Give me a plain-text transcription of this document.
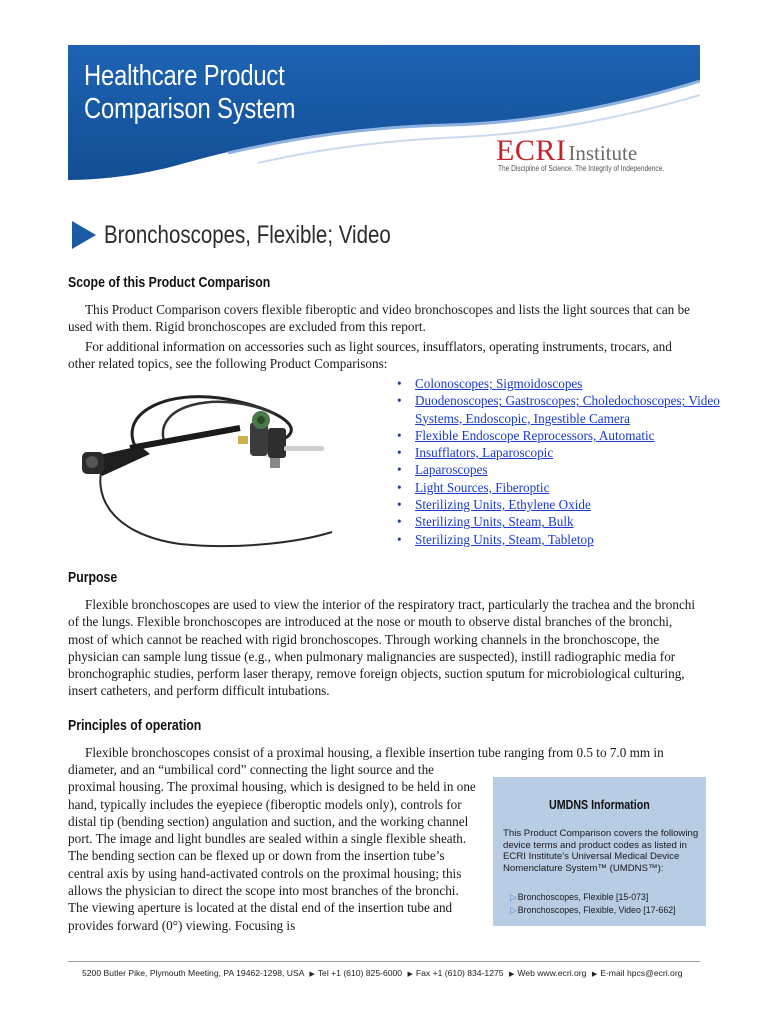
Healthcare Product
Comparison System
ECRIInstitute
The Discipline of Science. The Integrity of Independence.
Bronchoscopes, Flexible; Video
Scope of this Product Comparison

This Product Comparison covers flexible fiberoptic and video bronchoscopes and lists the light sources that can be used with them. Rigid bronchoscopes are excluded from this report.

For additional information on accessories such as light sources, insufflators, operating instruments, trocars, and other related topics, see the following Product Comparisons:

• Colonoscopes; Sigmoidoscopes
• Duodenoscopes; Gastroscopes; Choledochoscopes; Video Systems, Endoscopic, Ingestible Camera
• Flexible Endoscope Reprocessors, Automatic
• Insufflators, Laparoscopic
• Laparoscopes
• Light Sources, Fiberoptic
• Sterilizing Units, Ethylene Oxide
• Sterilizing Units, Steam, Bulk
• Sterilizing Units, Steam, Tabletop
Purpose

Flexible bronchoscopes are used to view the interior of the respiratory tract, particularly the trachea and the bronchi of the lungs. Flexible bronchoscopes are introduced at the nose or mouth to observe distal branches of the bronchi, most of which cannot be reached with rigid bronchoscopes. Through working channels in the bronchoscope, the physician can sample lung tissue (e.g., when pulmonary malignancies are suspected), instill radiographic media for bronchographic studies, perform laser therapy, remove foreign objects, suction sputum for microbiological culturing, insert catheters, and perform difficult intubations.

Principles of operation

Flexible bronchoscopes consist of a proximal housing, a flexible insertion tube ranging from 0.5 to 7.0 mm in

diameter, and an “umbilical cord” connecting the light source and the proximal housing. The proximal housing, which is designed to be held in one hand, typically includes the eyepiece (fiberoptic models only), controls for distal tip (bending section) angulation and suction, and the working channel port. The image and light bundles are sealed within a single flexible sheath. The bending section can be flexed up or down from the insertion tube’s central axis by using hand-activated controls on the proximal housing; this allows the physician to direct the scope into most branches of the bronchi. The viewing aperture is located at the distal end of the insertion tube and provides forward (0°) viewing. Focusing is

UMDNS Information
This Product Comparison covers the following device terms and product codes as listed in ECRI Institute’s Universal Medical Device Nomenclature System™ (UMDNS™):
▷Bronchoscopes, Flexible [15-073]
▷Bronchoscopes, Flexible, Video [17-662]
5200 Butler Pike, Plymouth Meeting, PA 19462-1298, USA ▶ Tel +1 (610) 825-6000 ▶ Fax +1 (610) 834-1275 ▶ Web www.ecri.org ▶ E-mail hpcs@ecri.org
